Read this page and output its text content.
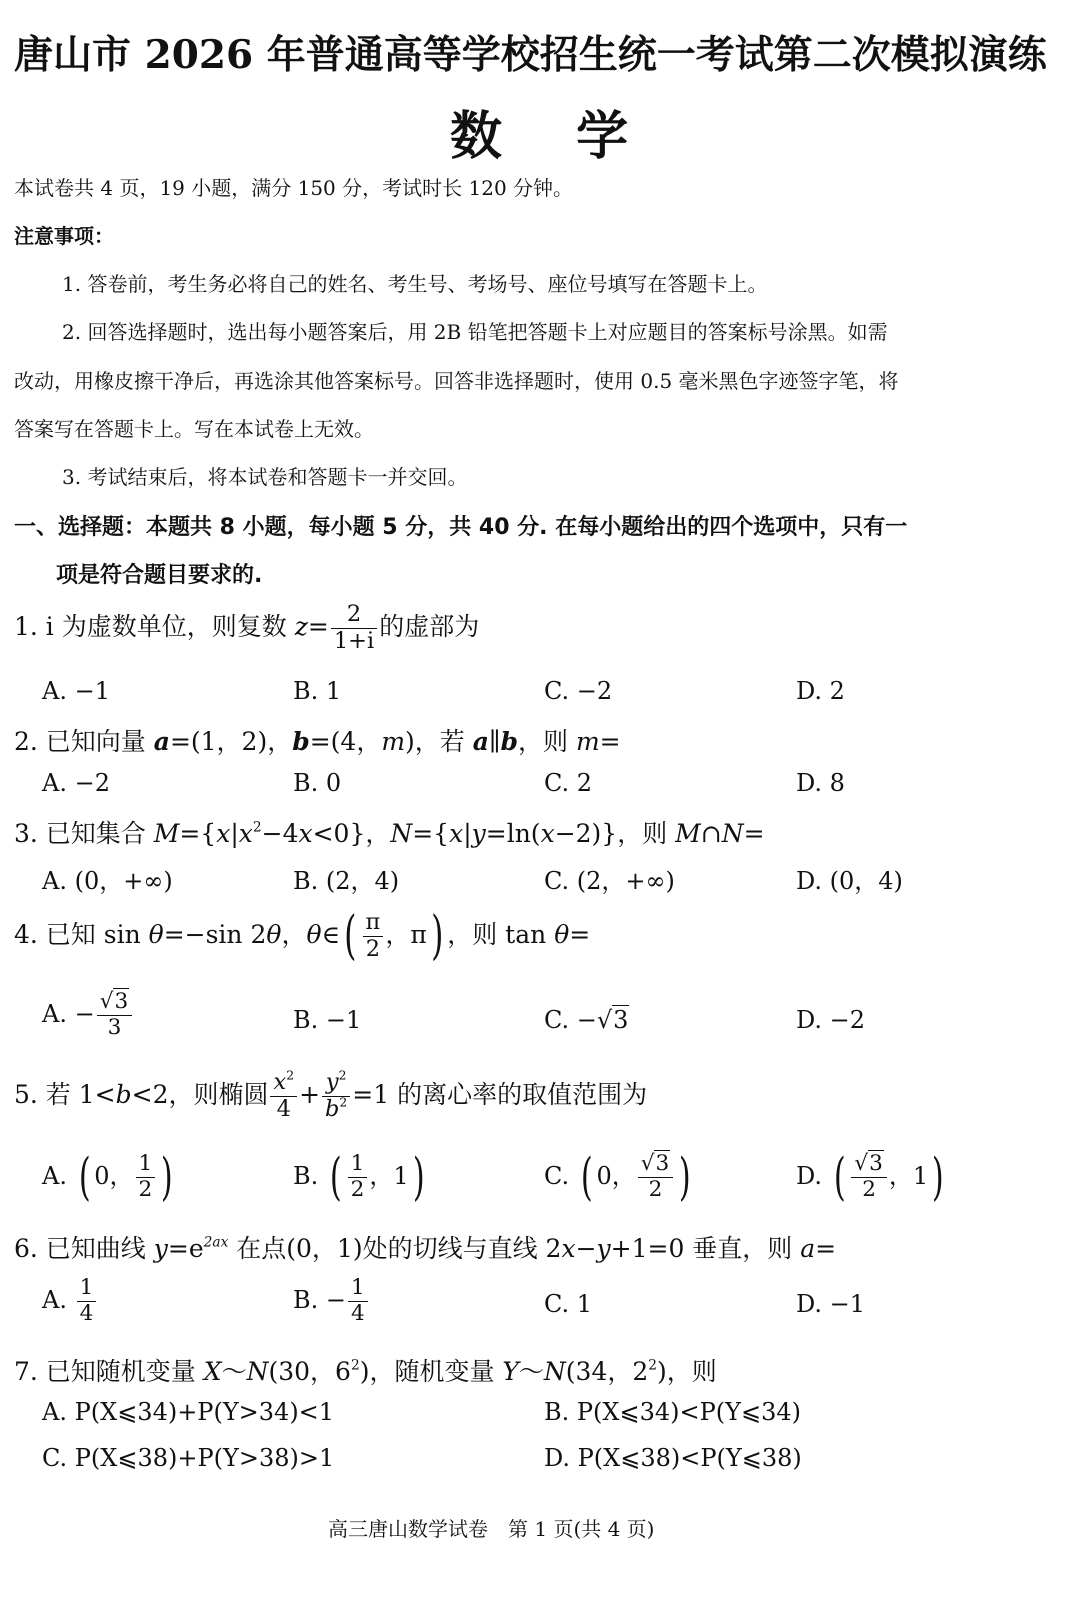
唐山市 2026 年普通高等学校招生统一考试第二次模拟演练
数 学
本试卷共 4 页，19 小题，满分 150 分，考试时长 120 分钟。
注意事项：
1. 答卷前，考生务必将自己的姓名、考生号、考场号、座位号填写在答题卡上。
2. 回答选择题时，选出每小题答案后，用 2B 铅笔把答题卡上对应题目的答案标号涂黑。如需
改动，用橡皮擦干净后，再选涂其他答案标号。回答非选择题时，使用 0.5 毫米黑色字迹签字笔，将
答案写在答题卡上。写在本试卷上无效。
3. 考试结束后，将本试卷和答题卡一并交回。
一、选择题：本题共 8 小题，每小题 5 分，共 40 分. 在每小题给出的四个选项中，只有一
项是符合题目要求的.
1. i 为虚数单位，则复数 $z= \frac{2}{1+i}$ 的虚部为
A. −1	B. 1	C. −2	D. 2
2. 已知向量 a=(1，2)，b=(4，m)，若 a∥b，则 m=
A. −2	B. 0	C. 2	D. 8
3. 已知集合 $M=\{x|x^2-4x<0\}$，N={x|y=ln(x−2)}，则 M∩N=
A. (0，+∞)	B. (2，4)	C. (2，+∞)	D. (0，4)
4. 已知 sin θ=−sin 2θ，θ∈( $\frac{\pi}{2}$ ，π) ，则 tan θ=
A. − $\frac{√3}{3}$	B. −1	C. −√3	D. −2
5. 若 1<b<2，则椭圆 $\frac{x^2}{4} + \frac{y^2}{b^2} =1$ 的离心率的取值范围为
A. ( 0， $\frac{1}{2}$ )	B. ( $\frac{1}{2}$ ，1)	C. ( 0， $\frac{√3}{2}$ )	D. ( $\frac{√3}{2}$ ，1)
6. 已知曲线 $y=e^{2ax}$ 在点(0，1)处的切线与直线 2x−y+1=0 垂直，则 a=
A. $\frac{1}{4}$	B. − $\frac{1}{4}$	C. 1	D. −1
7. 已知随机变量 X～N(30，$6^2$)，随机变量 Y～N(34，$2^2$)，则
A. P(X⩽34)+P(Y>34)<1	B. P(X⩽34)<P(Y⩽34)
C. P(X⩽38)+P(Y>38)>1	D. P(X⩽38)<P(Y⩽38)
高三唐山数学试卷　第 1 页(共 4 页)
